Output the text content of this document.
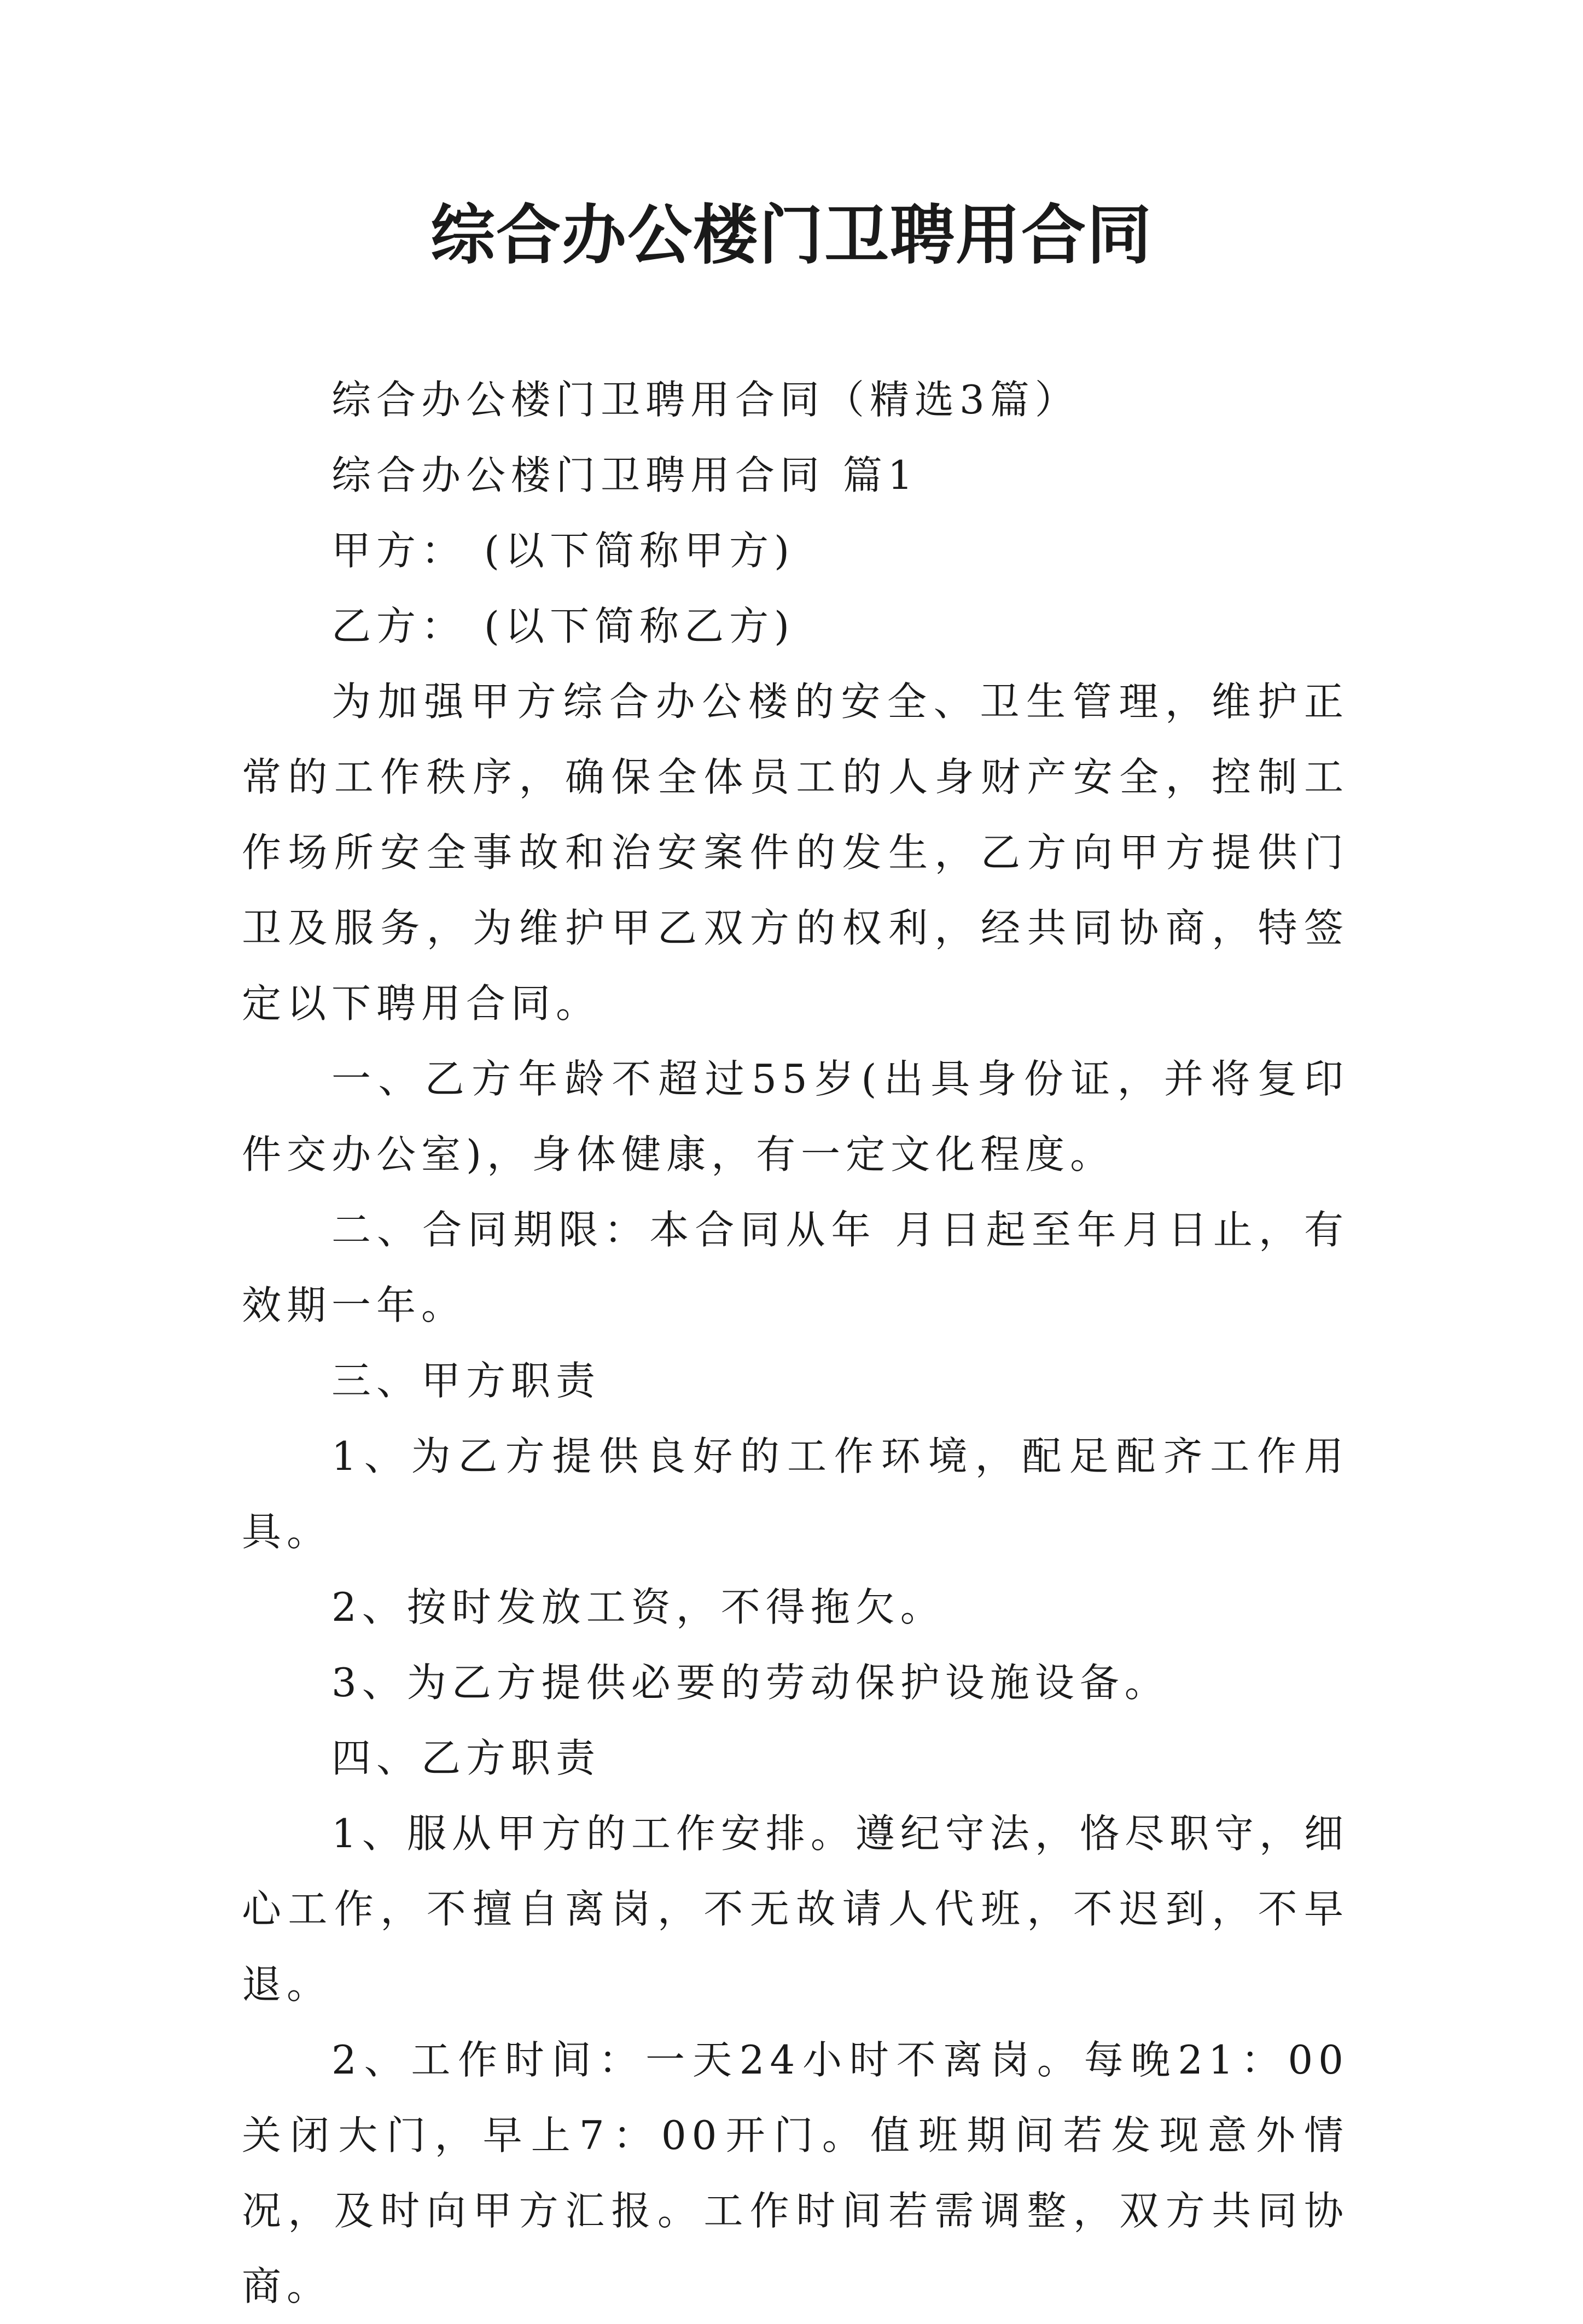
综合办公楼门卫聘用合同

综合办公楼门卫聘用合同（精选3篇）

综合办公楼门卫聘用合同 篇1

甲方： (以下简称甲方)

乙方： (以下简称乙方)

为加强甲方综合办公楼的安全、卫生管理，维护正常的工作秩序，确保全体员工的人身财产安全，控制工作场所安全事故和治安案件的发生，乙方向甲方提供门卫及服务，为维护甲乙双方的权利，经共同协商，特签定以下聘用合同。

一、乙方年龄不超过55岁(出具身份证，并将复印件交办公室)，身体健康，有一定文化程度。

二、合同期限：本合同从年 月日起至年月日止，有效期一年。

三、甲方职责

1、为乙方提供良好的工作环境，配足配齐工作用具。

2、按时发放工资，不得拖欠。

3、为乙方提供必要的劳动保护设施设备。

四、乙方职责

1、服从甲方的工作安排。遵纪守法，恪尽职守，细心工作，不擅自离岗，不无故请人代班，不迟到，不早退。

2、工作时间：一天24小时不离岗。每晚21：00关闭大门，早上7：00开门。值班期间若发现意外情况，及时向甲方汇报。工作时间若需调整，双方共同协商。
